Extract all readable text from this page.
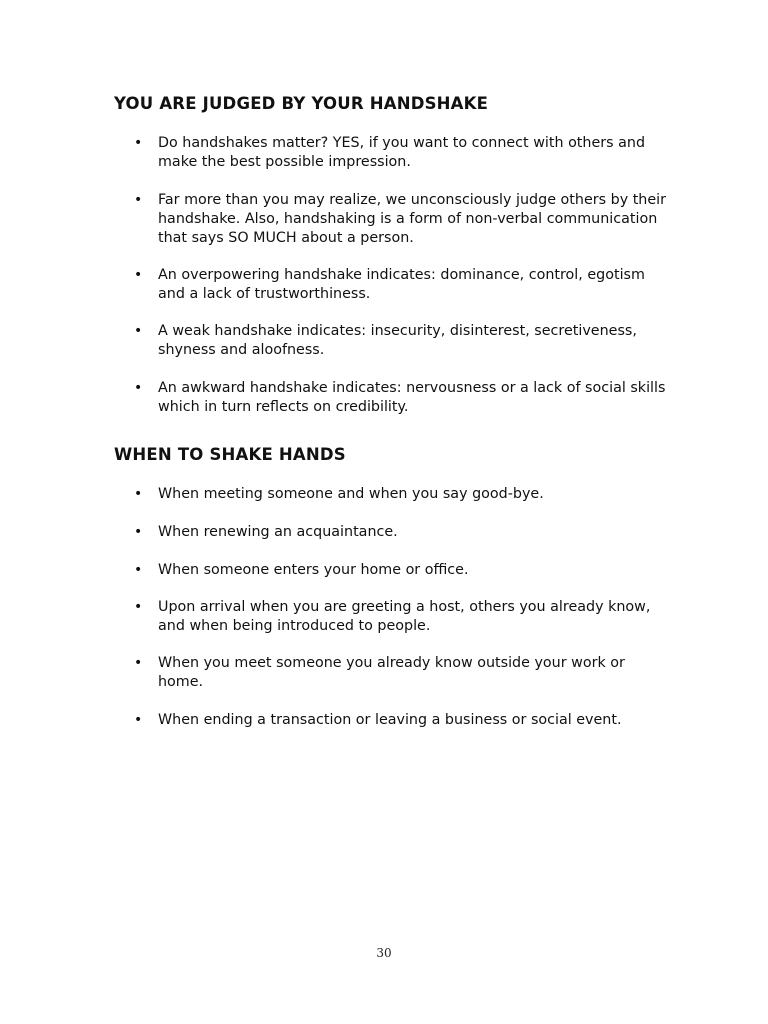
YOU ARE JUDGED BY YOUR HANDSHAKE
• Do handshakes matter? YES, if you want to connect with others and make the best possible impression.
• Far more than you may realize, we unconsciously judge others by their handshake. Also, handshaking is a form of non-verbal communication that says SO MUCH about a person.
• An overpowering handshake indicates: dominance, control, egotism and a lack of trustworthiness.
• A weak handshake indicates: insecurity, disinterest, secretiveness, shyness and aloofness.
• An awkward handshake indicates: nervousness or a lack of social skills which in turn reflects on credibility.
WHEN TO SHAKE HANDS
• When meeting someone and when you say good-bye.
• When renewing an acquaintance.
• When someone enters your home or office.
• Upon arrival when you are greeting a host, others you already know, and when being introduced to people.
• When you meet someone you already know outside your work or home.
• When ending a transaction or leaving a business or social event.
30
